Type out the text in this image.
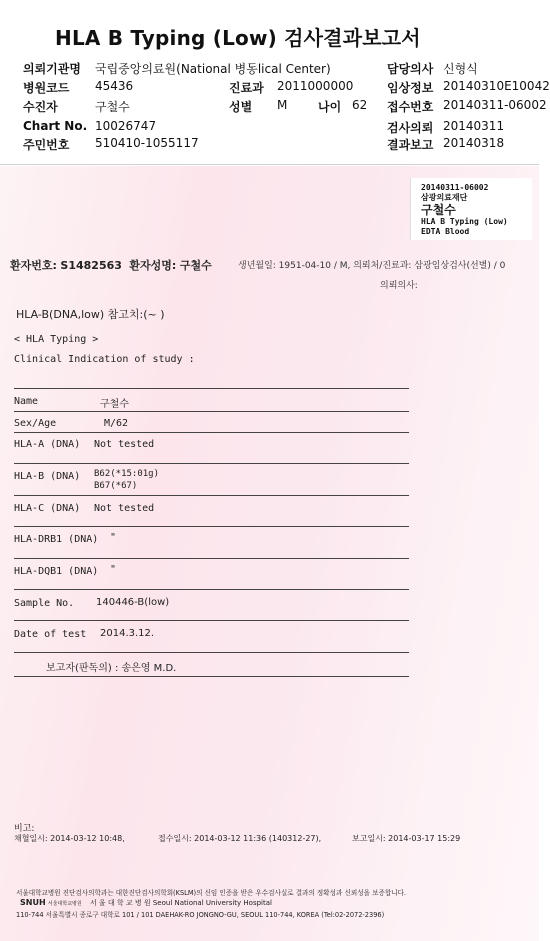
HLA B Typing (Low) 검사결과보고서
의뢰기관명 국립중앙의료원(National 병동lical Center)	담당의사 신형식
병원코드 45436	진료과 2011000000	임상정보 20140310E10042
수진자	구철수	성별 M	나이 62 접수번호 20140311-06002
Chart No. 10026747	검사의뢰 20140311
주민번호 510410-1055117	결과보고 20140318
20140311-06002
삼광의료재단
구철수
HLA B Typing (Low)
EDTA Blood
환자번호: S1482563 환자성명: 구철수	생년월일: 1951-04-10 / M, 의뢰처/진료과: 삼광임상검사(선별) / 0
의뢰의사:
HLA-B(DNA,low) 참고치:(~ )
< HLA Typing >
Clinical Indication of study :
Name	구철수
Sex/Age	M/62
HLA-A (DNA) Not tested
HLA-B (DNA) B62(*15:01g)
B67(*67)
HLA-C (DNA) Not tested
HLA-DRB1 (DNA) "
HLA-DQB1 (DNA) "
Sample No. 140446-B(low)
Date of test 2014.3.12.
보고자(판독의) : 송은영 M.D.
비고:
채혈일시: 2014-03-12 10:48,	접수일시: 2014-03-12 11:36 (140312-27),	보고일시: 2014-03-17 15:29
서울대학교병원 진단검사의학과는 대한진단검사의학회(KSLM)의 신임 인증을 받은 우수검사실로 결과의 정확성과 신뢰성을 보증합니다.
SNUH 서울대학교병원 서 울 대 학 교 병 원 Seoul National University Hospital
110-744 서울특별시 종로구 대학로 101 / 101 DAEHAK-RO JONGNO-GU, SEOUL 110-744, KOREA (Tel:02-2072-2396)
